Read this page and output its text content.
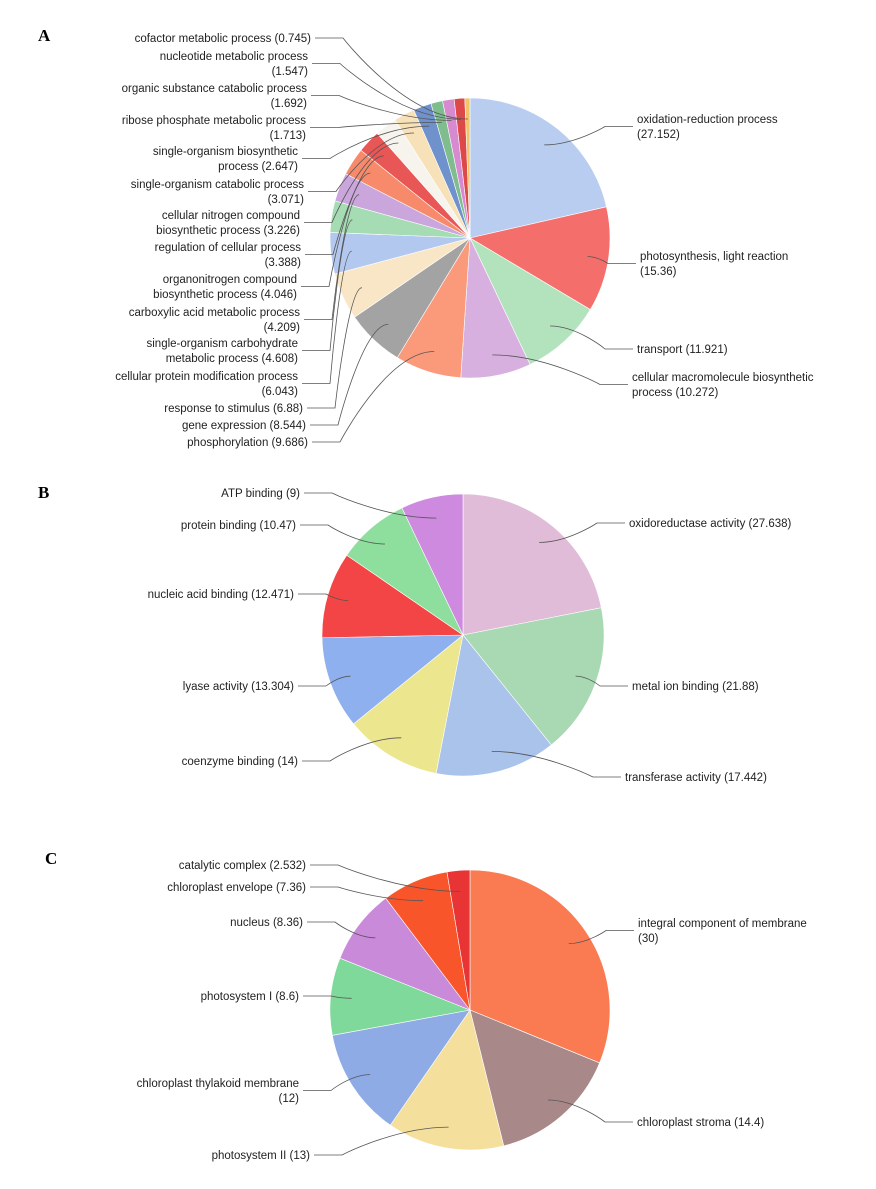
A
oxidation-reduction process (27.152)
photosynthesis, light reaction (15.36)
transport (11.921)
cellular macromolecule biosynthetic process (10.272)
phosphorylation (9.686)
gene expression (8.544)
response to stimulus (6.88)
cellular protein modification process (6.043)
single-organism carbohydrate metabolic process (4.608)
carboxylic acid metabolic process (4.209)
organonitrogen compound biosynthetic process (4.046)
regulation of cellular process (3.388)
cellular nitrogen compound biosynthetic process (3.226)
single-organism catabolic process (3.071)
single-organism biosynthetic process (2.647)
ribose phosphate metabolic process (1.713)
organic substance catabolic process (1.692)
nucleotide metabolic process (1.547)
cofactor metabolic process (0.745)
B
oxidoreductase activity (27.638)
metal ion binding (21.88)
transferase activity (17.442)
coenzyme binding (14)
lyase activity (13.304)
nucleic acid binding (12.471)
protein binding (10.47)
ATP binding (9)
C
integral component of membrane (30)
chloroplast stroma (14.4)
photosystem II (13)
chloroplast thylakoid membrane (12)
photosystem I (8.6)
nucleus (8.36)
chloroplast envelope (7.36)
catalytic complex (2.532)
